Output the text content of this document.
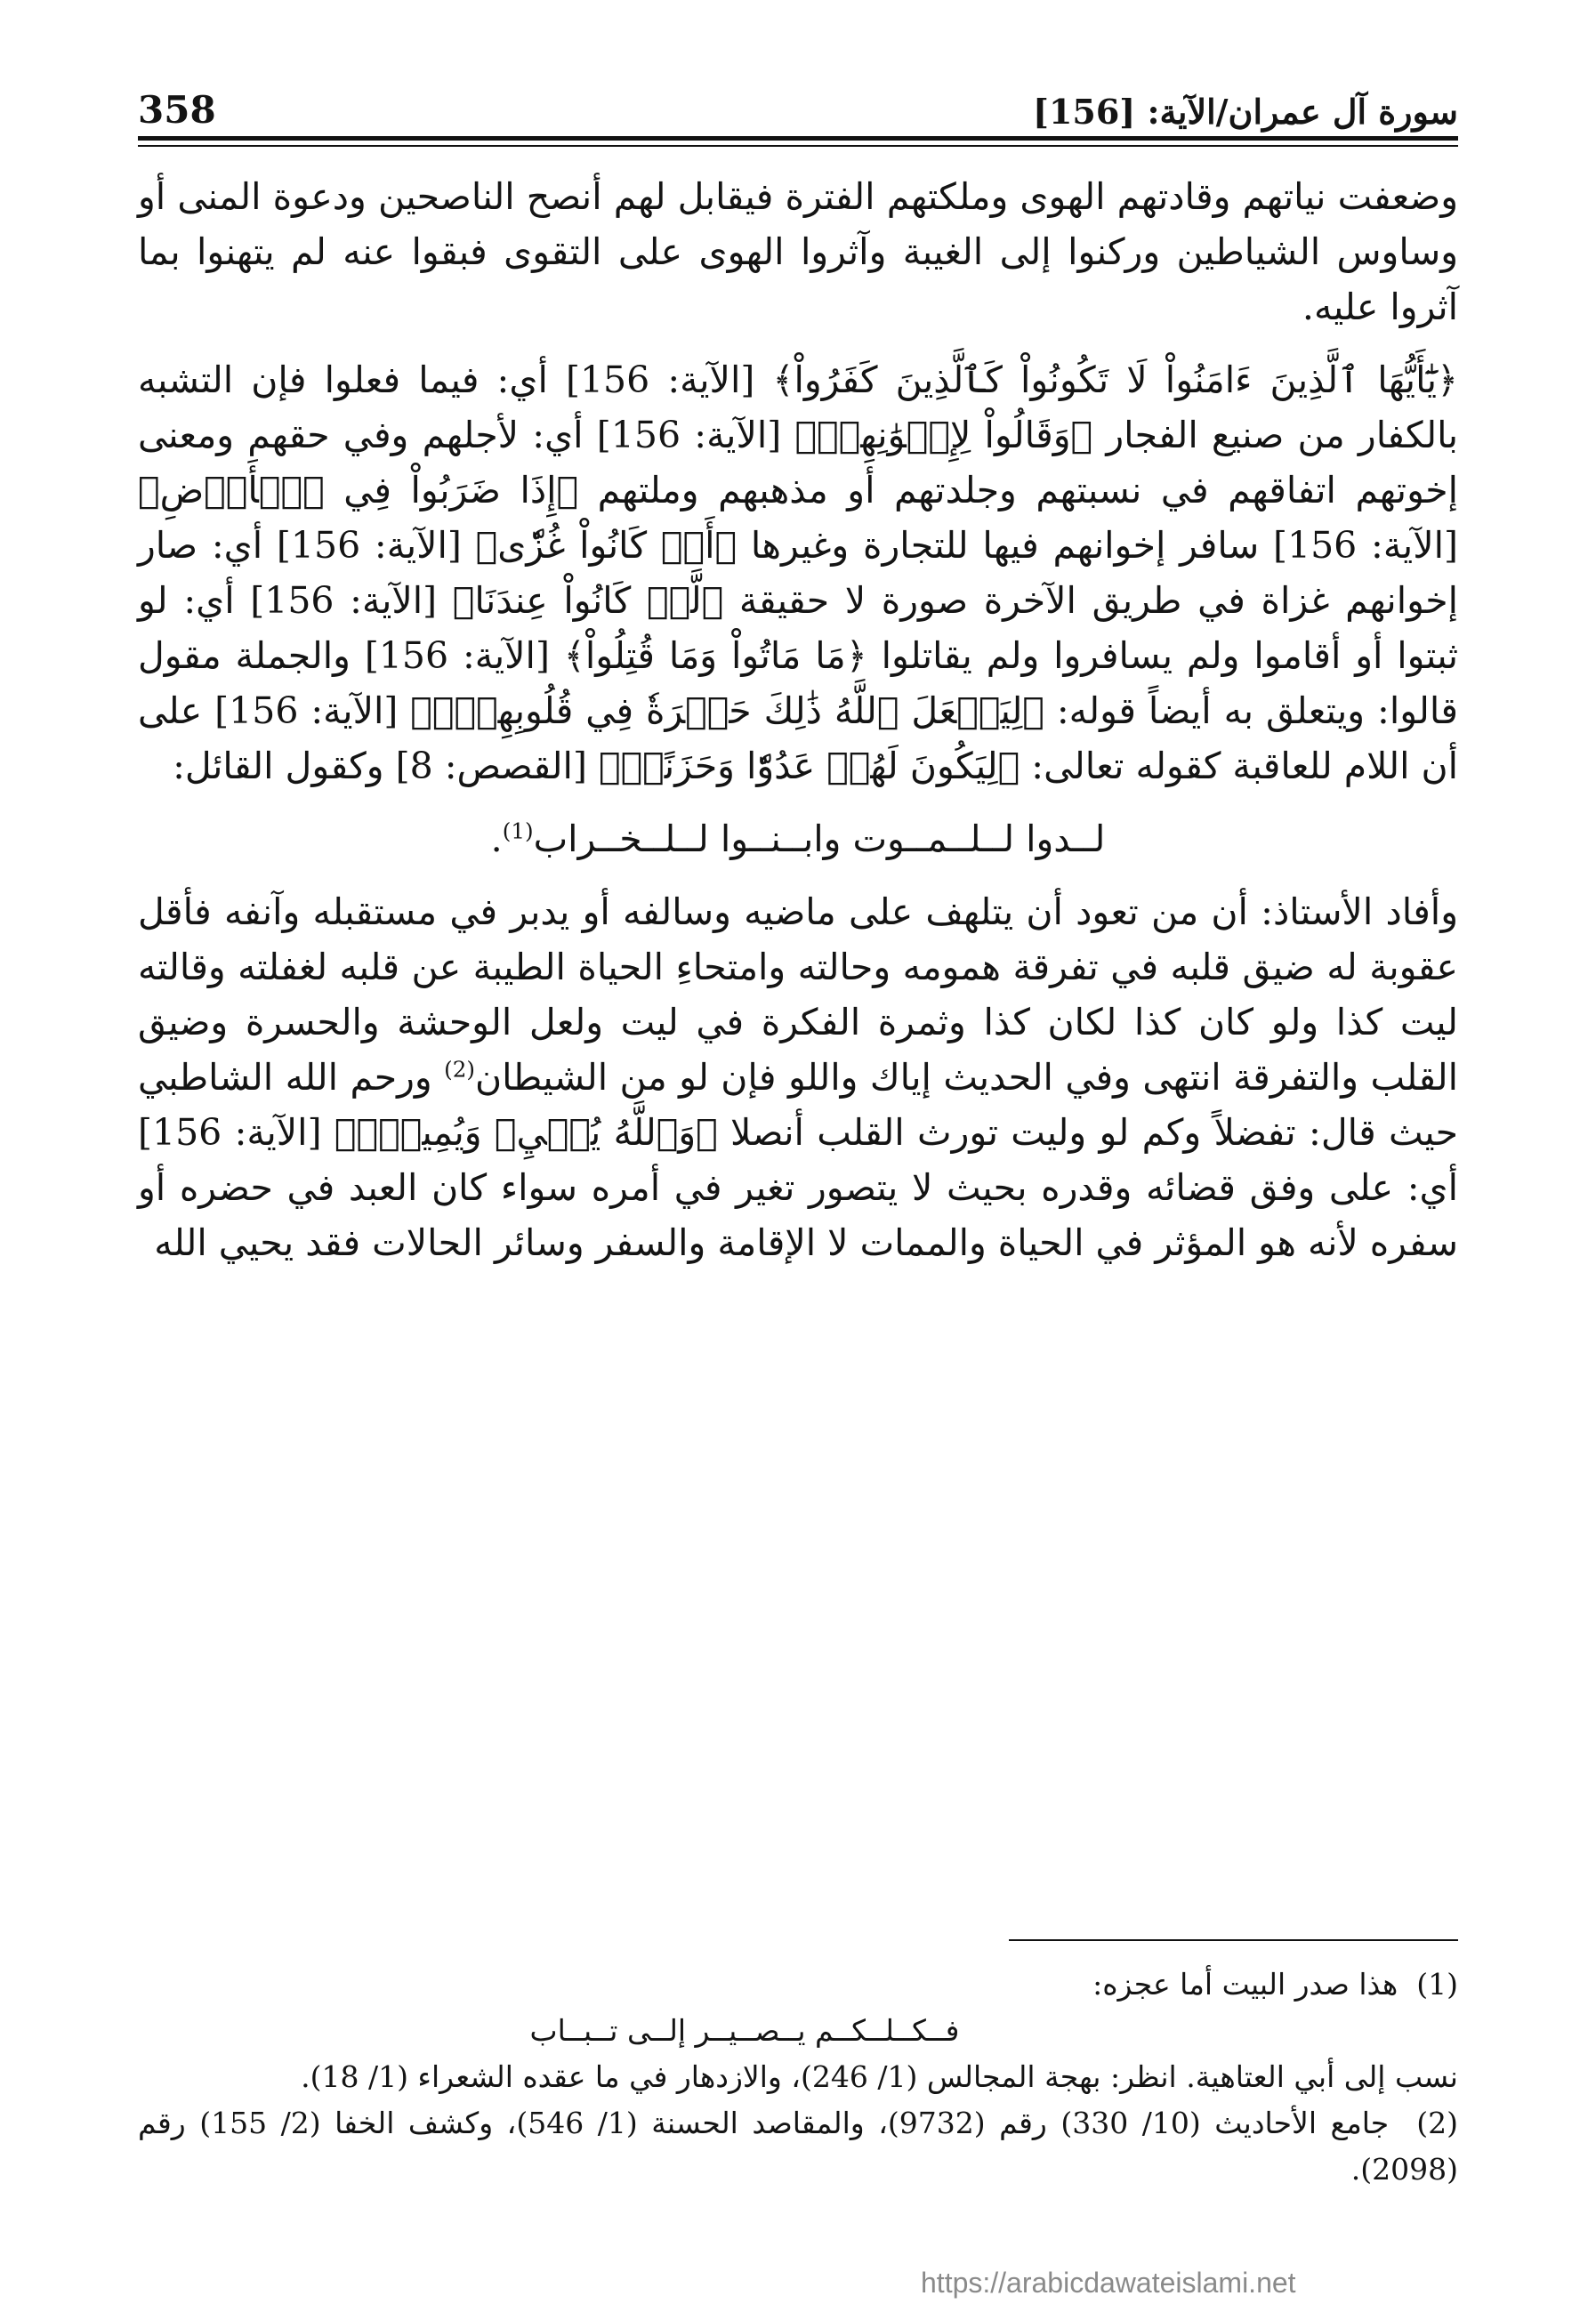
سورة آل عمران/الآية: [156]
358

وضعفت نياتهم وقادتهم الهوى وملكتهم الفترة فيقابل لهم أنصح الناصحين ودعوة المنى أو وساوس الشياطين وركنوا إلى الغيبة وآثروا الهوى على التقوى فبقوا عنه لم يتهنوا بما آثروا عليه.

﴿يَٰٓأَيُّهَا ٱلَّذِينَ ءَامَنُواْ لَا تَكُونُواْ كَٱلَّذِينَ كَفَرُواْ﴾ [الآية: 156] أي: فيما فعلوا فإن التشبه بالكفار من صنيع الفجار ﴿وَقَالُواْ لِإِخۡوَٰنِهِمۡ﴾ [الآية: 156] أي: لأجلهم وفي حقهم ومعنى إخوتهم اتفاقهم في نسبتهم وجلدتهم أو مذهبهم وملتهم ﴿إِذَا ضَرَبُواْ فِي ٱلۡأَرۡضِ﴾ [الآية: 156] سافر إخوانهم فيها للتجارة وغيرها ﴿أَوۡ كَانُواْ غُزّٗى﴾ [الآية: 156] أي: صار إخوانهم غزاة في طريق الآخرة صورة لا حقيقة ﴿لَّوۡ كَانُواْ عِندَنَا﴾ [الآية: 156] أي: لو ثبتوا أو أقاموا ولم يسافروا ولم يقاتلوا ﴿مَا مَاتُواْ وَمَا قُتِلُواْ﴾ [الآية: 156] والجملة مقول قالوا: ويتعلق به أيضاً قوله: ﴿لِيَجۡعَلَ ٱللَّهُ ذَٰلِكَ حَسۡرَةٗ فِي قُلُوبِهِمۡۗ﴾ [الآية: 156] على أن اللام للعاقبة كقوله تعالى: ﴿لِيَكُونَ لَهُمۡ عَدُوّٗا وَحَزَنًاۗ﴾ [القصص: 8] وكقول القائل:

لــدوا لــلــمــوت وابــنــوا لــلــخــراب$^{(1)}$.

وأفاد الأستاذ: أن من تعود أن يتلهف على ماضيه وسالفه أو يدبر في مستقبله وآنفه فأقل عقوبة له ضيق قلبه في تفرقة همومه وحالته وامتحاءِ الحياة الطيبة عن قلبه لغفلته وقالته ليت كذا ولو كان كذا لكان كذا وثمرة الفكرة في ليت ولعل الوحشة والحسرة وضيق القلب والتفرقة انتهى وفي الحديث إياك واللو فإن لو من الشيطان$^{(2)}$ ورحم الله الشاطبي حيث قال: تفضلاً وكم لو وليت تورث القلب أنصلا ﴿وَٱللَّهُ يُحۡيِۦ وَيُمِيتُۗ﴾ [الآية: 156] أي: على وفق قضائه وقدره بحيث لا يتصور تغير في أمره سواء كان العبد في حضره أو سفره لأنه هو المؤثر في الحياة والممات لا الإقامة والسفر وسائر الحالات فقد يحيي الله

(1)  هذا صدر البيت أما عجزه:

فــكــلــكــم يــصــيــر إلــى تــبــاب

نسب إلى أبي العتاهية. انظر: بهجة المجالس (1/ 246)، والازدهار في ما عقده الشعراء (1/ 18).

(2)  جامع الأحاديث (10/ 330) رقم (9732)، والمقاصد الحسنة (1/ 546)، وكشف الخفا (2/ 155) رقم (2098).

https://arabicdawateislami.net
